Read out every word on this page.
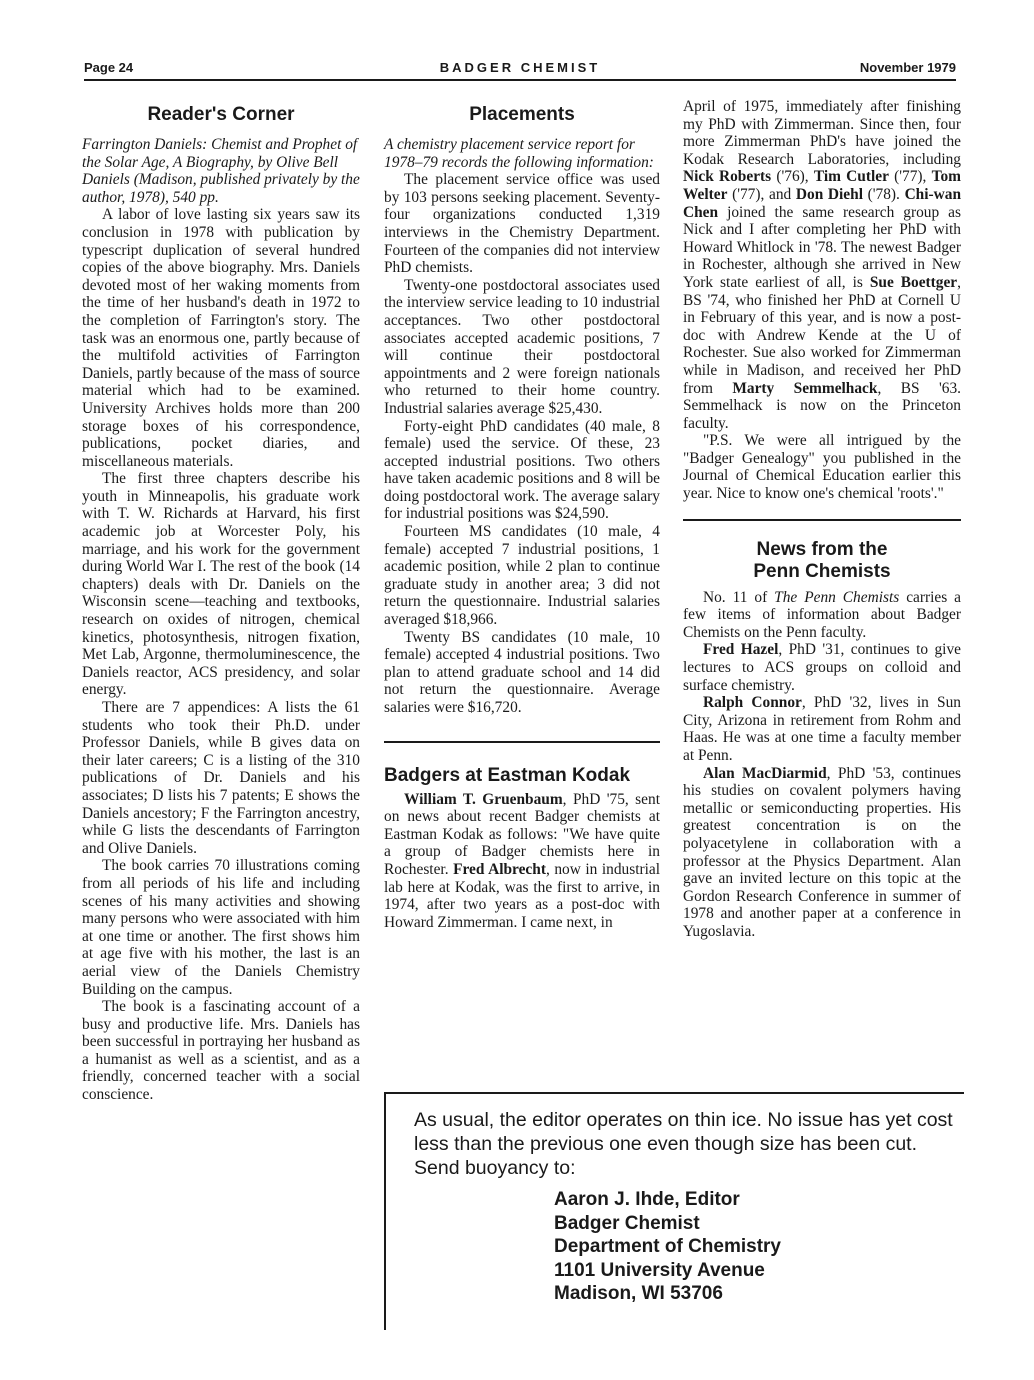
Page 24	BADGER CHEMIST	November 1979
Reader's Corner

Farrington Daniels: Chemist and Prophet of the Solar Age, A Biography, by Olive Bell Daniels (Madison, published privately by the author, 1978), 540 pp.

A labor of love lasting six years saw its conclusion in 1978 with publication by typescript duplication of several hundred copies of the above biography. Mrs. Daniels devoted most of her waking moments from the time of her husband's death in 1972 to the completion of Farrington's story. The task was an enormous one, partly because of the multifold activities of Farrington Daniels, partly because of the mass of source material which had to be examined. University Archives holds more than 200 storage boxes of his correspondence, publications, pocket diaries, and miscellaneous materials.

The first three chapters describe his youth in Minneapolis, his graduate work with T. W. Richards at Harvard, his first academic job at Worcester Poly, his marriage, and his work for the government during World War I. The rest of the book (14 chapters) deals with Dr. Daniels on the Wisconsin scene—teaching and textbooks, research on oxides of nitrogen, chemical kinetics, photosynthesis, nitrogen fixation, Met Lab, Argonne, thermoluminescence, the Daniels reactor, ACS presidency, and solar energy.

There are 7 appendices: A lists the 61 students who took their Ph.D. under Professor Daniels, while B gives data on their later careers; C is a listing of the 310 publications of Dr. Daniels and his associates; D lists his 7 patents; E shows the Daniels ancestory; F the Farrington ancestry, while G lists the descendants of Farrington and Olive Daniels.

The book carries 70 illustrations coming from all periods of his life and including scenes of his many activities and showing many persons who were associated with him at one time or another. The first shows him at age five with his mother, the last is an aerial view of the Daniels Chemistry Building on the campus.

The book is a fascinating account of a busy and productive life. Mrs. Daniels has been successful in portraying her husband as a humanist as well as a scientist, and as a friendly, concerned teacher with a social conscience.

Placements

A chemistry placement service report for 1978–79 records the following information:

The placement service office was used by 103 persons seeking placement. Seventy-four organizations conducted 1,319 interviews in the Chemistry Department. Fourteen of the companies did not interview PhD chemists.

Twenty-one postdoctoral associates used the interview service leading to 10 industrial acceptances. Two other postdoctoral associates accepted academic positions, 7 will continue their postdoctoral appointments and 2 were foreign nationals who returned to their home country. Industrial salaries average $25,430.

Forty-eight PhD candidates (40 male, 8 female) used the service. Of these, 23 accepted industrial positions. Two others have taken academic positions and 8 will be doing postdoctoral work. The average salary for industrial positions was $24,590.

Fourteen MS candidates (10 male, 4 female) accepted 7 industrial positions, 1 academic position, while 2 plan to continue graduate study in another area; 3 did not return the questionnaire. Industrial salaries averaged $18,966.

Twenty BS candidates (10 male, 10 female) accepted 4 industrial positions. Two plan to attend graduate school and 14 did not return the questionnaire. Average salaries were $16,720.

Badgers at Eastman Kodak

William T. Gruenbaum, PhD '75, sent on news about recent Badger chemists at Eastman Kodak as follows: "We have quite a group of Badger chemists here in Rochester. Fred Albrecht, now in industrial lab here at Kodak, was the first to arrive, in 1974, after two years as a post-doc with Howard Zimmerman. I came next, in

April of 1975, immediately after finishing my PhD with Zimmerman. Since then, four more Zimmerman PhD's have joined the Kodak Research Laboratories, including Nick Roberts ('76), Tim Cutler ('77), Tom Welter ('77), and Don Diehl ('78). Chi-wan Chen joined the same research group as Nick and I after completing her PhD with Howard Whitlock in '78. The newest Badger in Rochester, although she arrived in New York state earliest of all, is Sue Boettger, BS '74, who finished her PhD at Cornell U in February of this year, and is now a post-doc with Andrew Kende at the U of Rochester. Sue also worked for Zimmerman while in Madison, and received her PhD from Marty Semmelhack, BS '63. Semmelhack is now on the Princeton faculty.

"P.S. We were all intrigued by the "Badger Genealogy" you published in the Journal of Chemical Education earlier this year. Nice to know one's chemical 'roots'."

News from the
Penn Chemists

No. 11 of The Penn Chemists carries a few items of information about Badger Chemists on the Penn faculty.

Fred Hazel, PhD '31, continues to give lectures to ACS groups on colloid and surface chemistry.

Ralph Connor, PhD '32, lives in Sun City, Arizona in retirement from Rohm and Haas. He was at one time a faculty member at Penn.

Alan MacDiarmid, PhD '53, continues his studies on covalent polymers having metallic or semiconducting properties. His greatest concentration is on the polyacetylene in collaboration with a professor at the Physics Department. Alan gave an invited lecture on this topic at the Gordon Research Conference in summer of 1978 and another paper at a conference in Yugoslavia.

As usual, the editor operates on thin ice. No issue has yet cost less than the previous one even though size has been cut. Send buoyancy to:
Aaron J. Ihde, Editor
Badger Chemist
Department of Chemistry
1101 University Avenue
Madison, WI 53706
